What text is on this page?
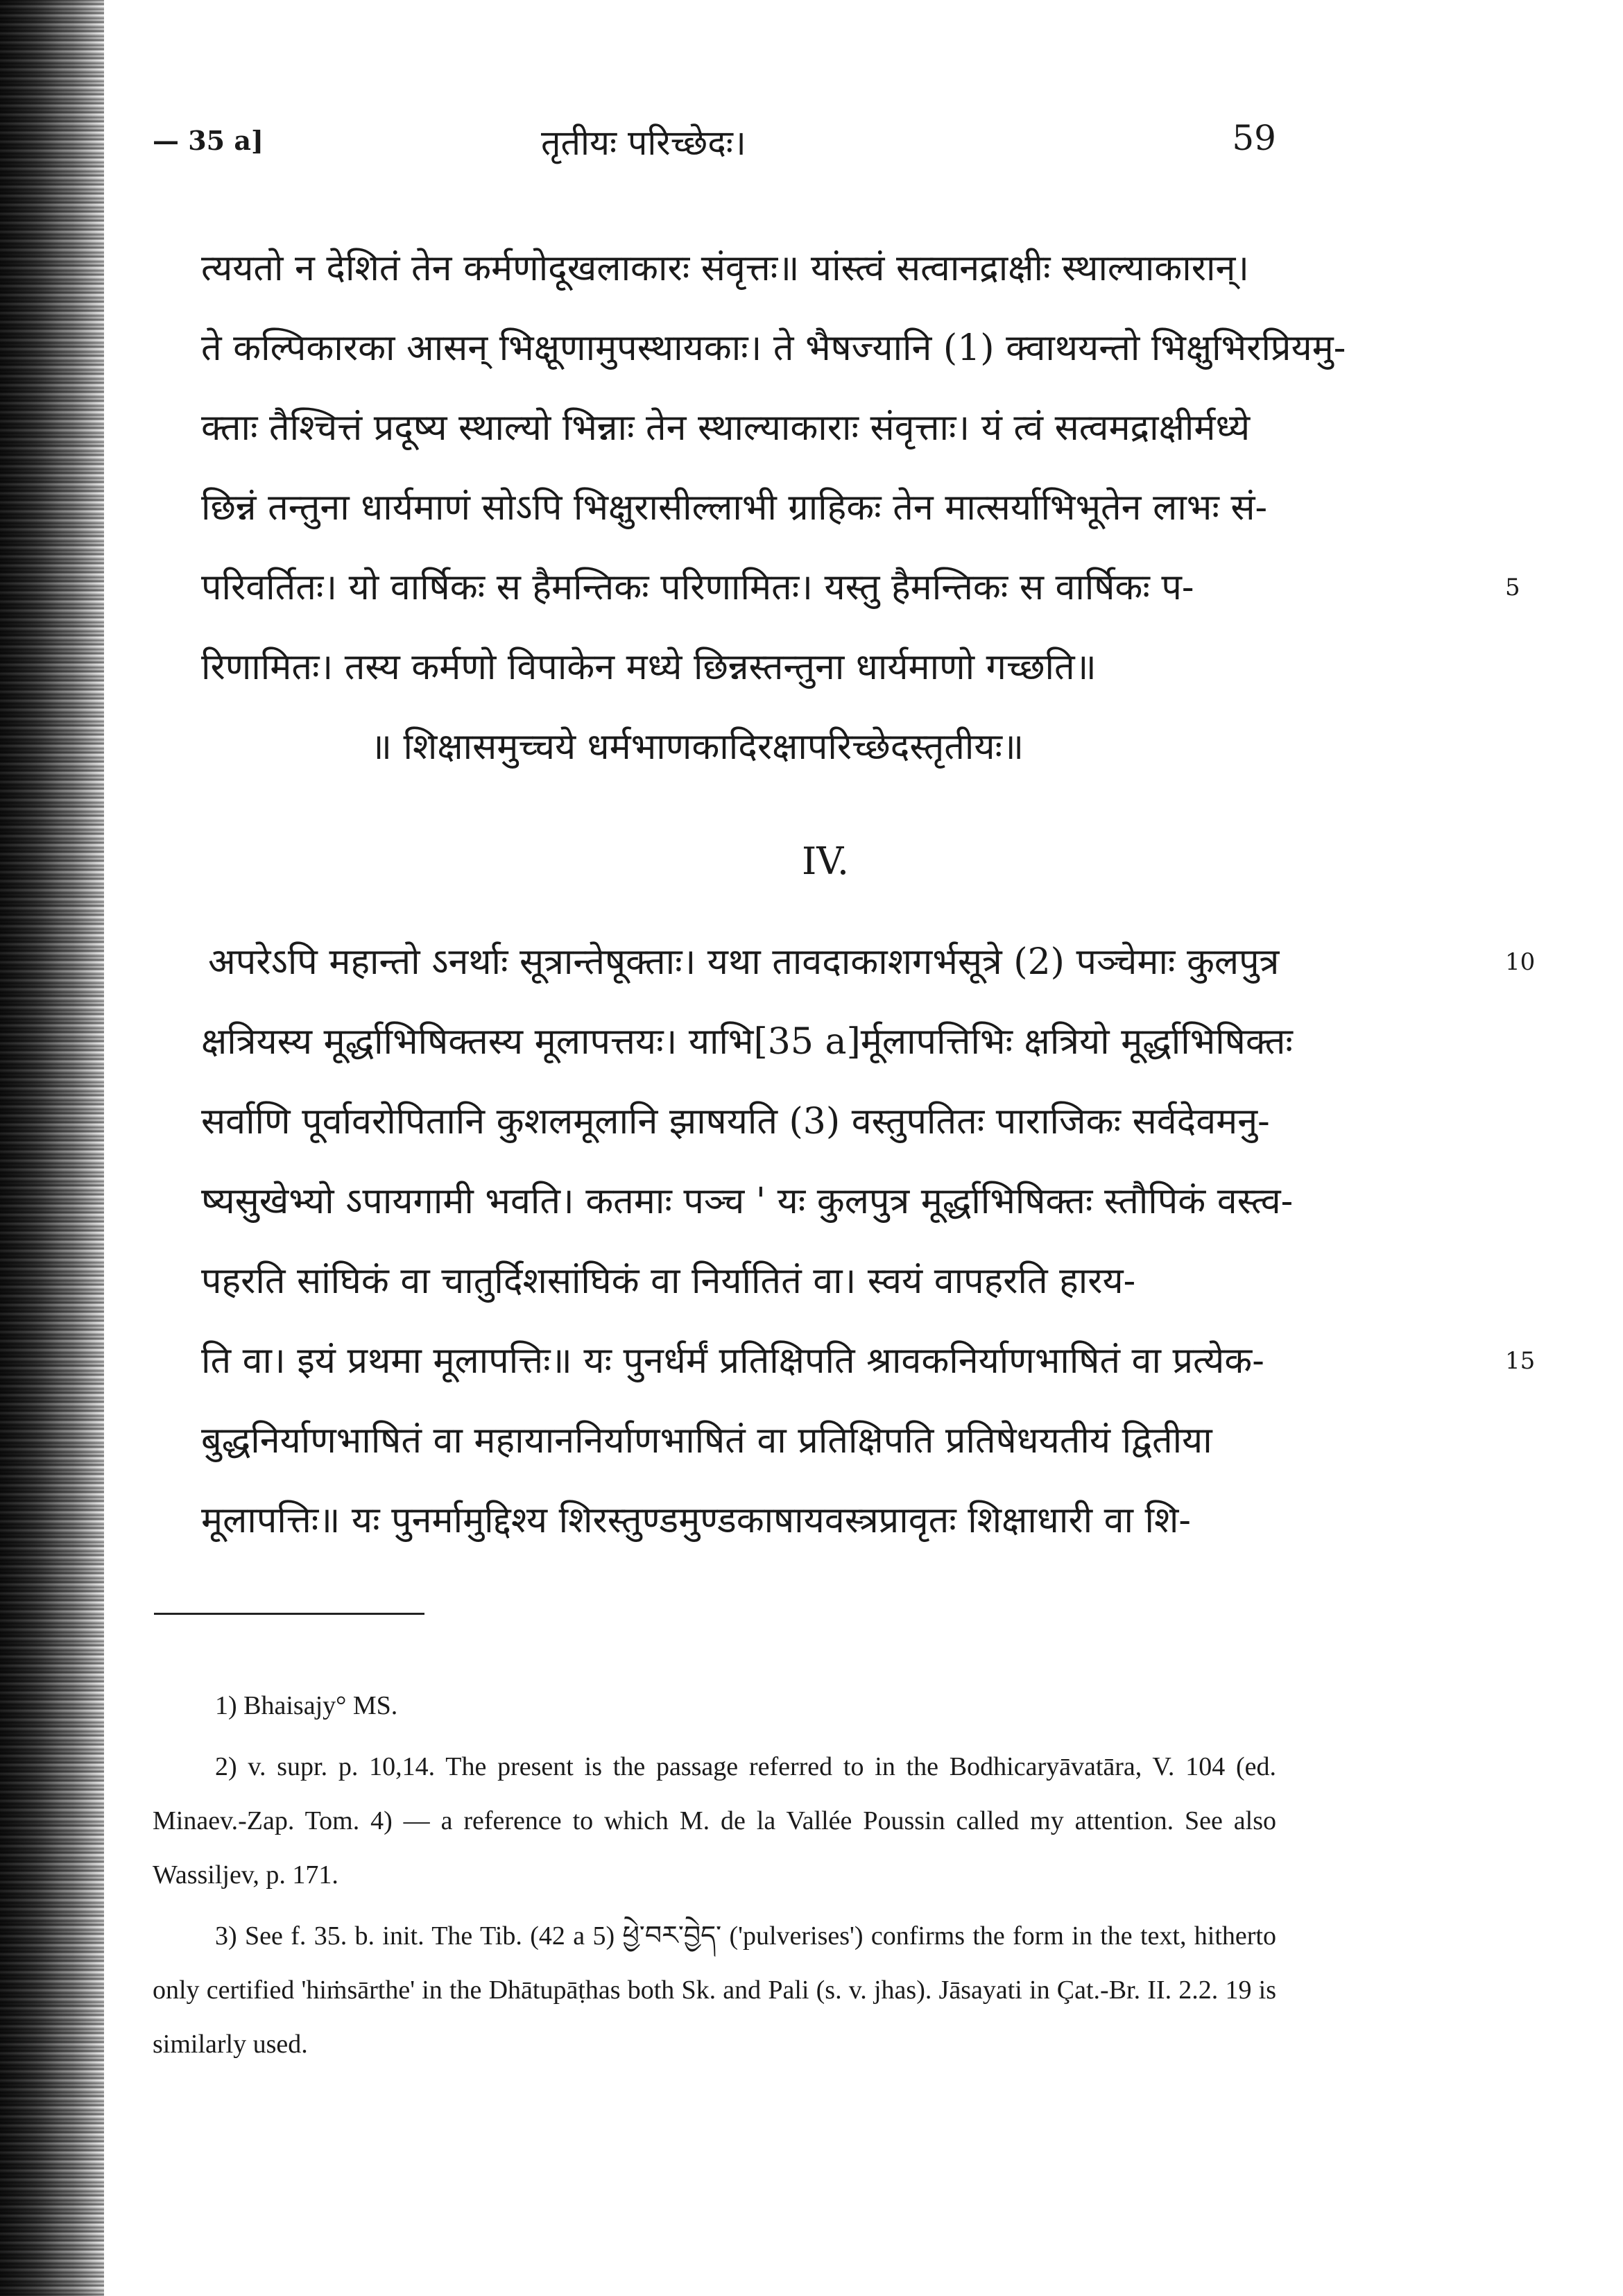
— 35 a]	तृतीयः परिच्छेदः।	59
त्ययतो न देशितं तेन कर्मणोदूखलाकारः संवृत्तः॥ यांस्त्वं सत्वानद्राक्षीः स्थाल्याकारान्।
ते कल्पिकारका आसन् भिक्षूणामुपस्थायकाः। ते भैषज्यानि (1) क्वाथयन्तो भिक्षुभिरप्रियमु-
क्ताः तैश्चित्तं प्रदूष्य स्थाल्यो भिन्नाः तेन स्थाल्याकाराः संवृत्ताः। यं त्वं सत्वमद्राक्षीर्मध्ये
छिन्नं तन्तुना धार्यमाणं सोऽपि भिक्षुरासील्लाभी ग्राहिकः तेन मात्सर्याभिभूतेन लाभः सं-
परिवर्तितः। यो वार्षिकः स हैमन्तिकः परिणामितः। यस्तु हैमन्तिकः स वार्षिकः प-	5
रिणामितः। तस्य कर्मणो विपाकेन मध्ये छिन्नस्तन्तुना धार्यमाणो गच्छति॥
॥ शिक्षासमुच्चये धर्मभाणकादिरक्षापरिच्छेदस्तृतीयः॥
IV.
अपरेऽपि महान्तो ऽनर्थाः सूत्रान्तेषूक्ताः। यथा तावदाकाशगर्भसूत्रे (2) पञ्चेमाः कुलपुत्र	10
क्षत्रियस्य मूर्द्धाभिषिक्तस्य मूलापत्तयः। याभि[35 a]र्मूलापत्तिभिः क्षत्रियो मूर्द्धाभिषिक्तः
सर्वाणि पूर्वावरोपितानि कुशलमूलानि झाषयति (3) वस्तुपतितः पाराजिकः सर्वदेवमनु-
ष्यसुखेभ्यो ऽपायगामी भवति। कतमाः पञ्च ' यः कुलपुत्र मूर्द्धाभिषिक्तः स्तौपिकं वस्त्व-
पहरति सांघिकं वा चातुर्दिशसांघिकं वा निर्यातितं वा। स्वयं वापहरति हारय-
ति वा। इयं प्रथमा मूलापत्तिः॥ यः पुनर्धर्मं प्रतिक्षिपति श्रावकनिर्याणभाषितं वा प्रत्येक-	15
बुद्धनिर्याणभाषितं वा महायाननिर्याणभाषितं वा प्रतिक्षिपति प्रतिषेधयतीयं द्वितीया
मूलापत्तिः॥ यः पुनर्मामुद्दिश्य शिरस्तुण्डमुण्डकाषायवस्त्रप्रावृतः शिक्षाधारी वा शि-
1) Bhaisajy° MS.
2) v. supr. p. 10,14. The present is the passage referred to in the Bodhicaryāvatāra, V. 104 (ed. Minaev.-Zap. Tom. 4) — a reference to which M. de la Vallée Poussin called my attention. See also Wassiljev, p. 171.
3) See f. 35. b. init. The Tib. (42 a 5) ཕྱེ་བར་བྱེད་ ('pulverises') confirms the form in the text, hitherto only certified 'hiṁsārthe' in the Dhātupāṭhas both Sk. and Pali (s. v. jhas). Jāsayati in Çat.-Br. II. 2.2. 19 is similarly used.
